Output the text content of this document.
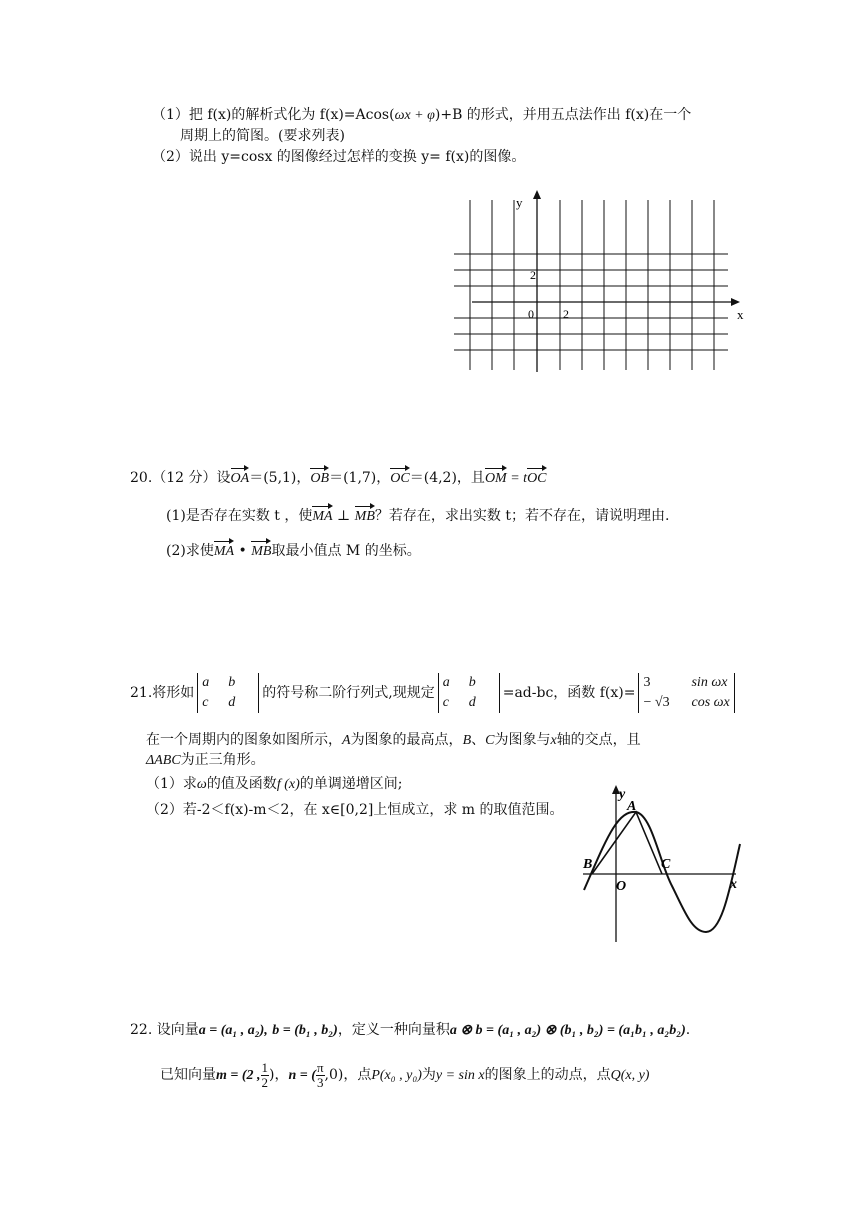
（1）把 f(x)的解析式化为 f(x)=Acos(ωx + φ)+B 的形式，并用五点法作出 f(x)在一个
周期上的简图。(要求列表)
（2）说出 y=cosx 的图像经过怎样的变换 y= f(x)的图像。
y
x
2
0 2
20.（12 分）设OA＝(5,1)，OB＝(1,7)，OC＝(4,2)，且OM = tOC
(1)是否存在实数 t ，使MA ⊥ MB？若存在，求出实数 t；若不存在，请说明理由.
(2)求使MA • MB取最小值点 M 的坐标。
21.将形如a b
c d的符号称二阶行列式,现规定a b
c d=ad-bc，函数 f(x)=3	sin ωx
− √3 cos ωx
在一个周期内的图象如图所示，A为图象的最高点，B、C为图象与x轴的交点，且
ΔABC为正三角形。
（1）求ω的值及函数f (x)的单调递增区间;
（2）若-2＜f(x)-m＜2，在 x∈[0,2]上恒成立，求 m 的取值范围。
y
A
B	C
O	x
22. 设向量a = (a₁ , a₂), b = (b₁ , b₂)，定义一种向量积a ⊗ b = (a₁ , a₂) ⊗ (b₁ , b₂) = (a₁b₁ , a₂b₂).
已知向量m = (2 , $\frac{1}{2}$ )，n = ( $\frac{\pi}{3} ,0$)，点P(x₀ , y₀)为y = sin x的图象上的动点，点Q(x, y)
